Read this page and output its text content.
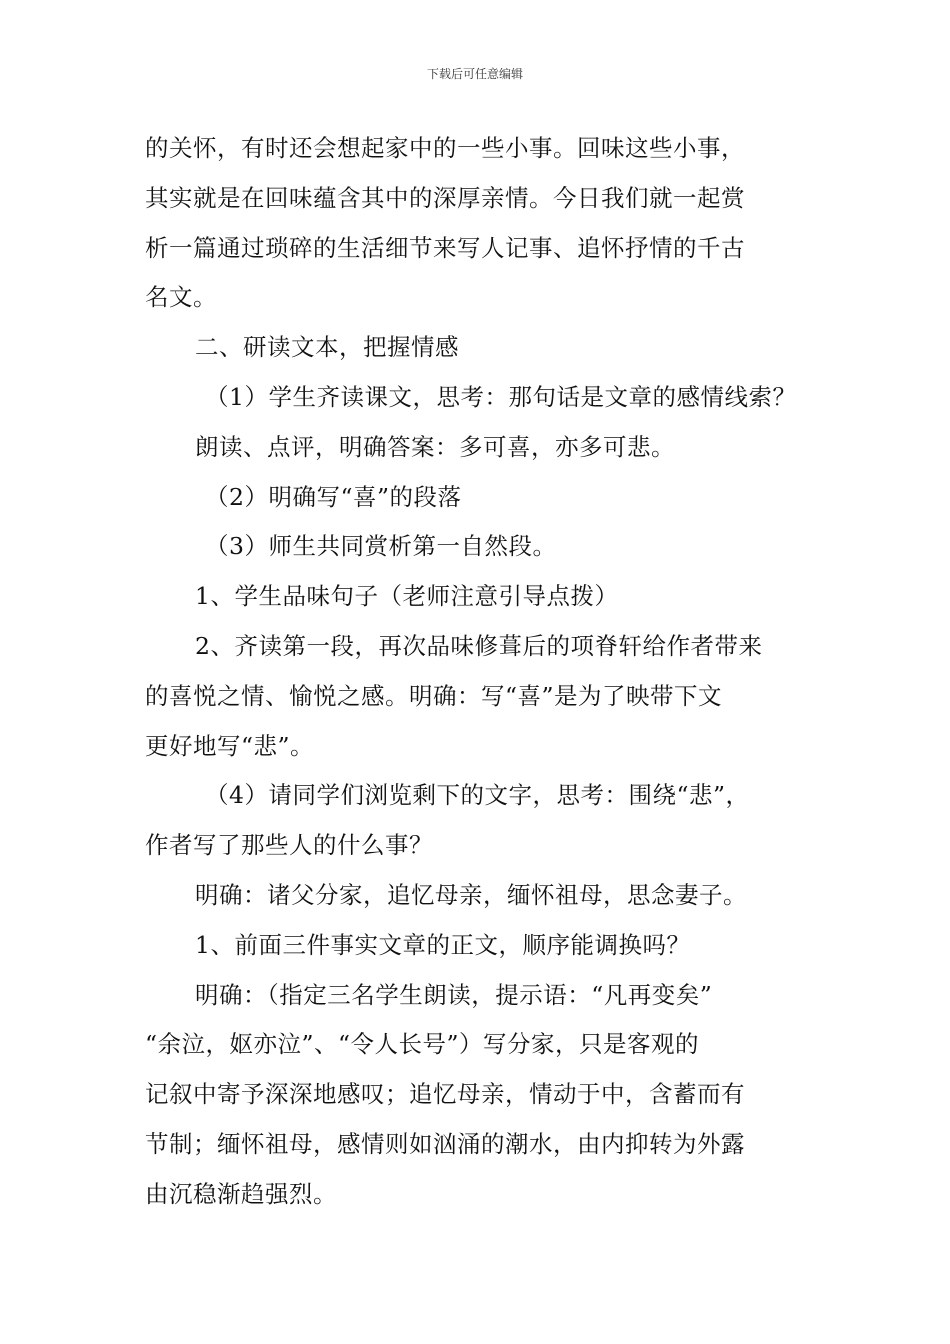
下载后可任意编辑
的关怀，有时还会想起家中的一些小事。回味这些小事，
其实就是在回味蕴含其中的深厚亲情。今日我们就一起赏
析一篇通过琐碎的生活细节来写人记事、追怀抒情的千古
名文。
二、研读文本，把握情感
（1）学生齐读课文，思考：那句话是文章的感情线索？
朗读、点评，明确答案：多可喜，亦多可悲。
（2）明确写“喜”的段落
（3）师生共同赏析第一自然段。
1、学生品味句子（老师注意引导点拨）
2、齐读第一段，再次品味修葺后的项脊轩给作者带来
的喜悦之情、愉悦之感。明确：写“喜”是为了映带下文
更好地写“悲”。
（4）请同学们浏览剩下的文字，思考：围绕“悲”，
作者写了那些人的什么事？
明确：诸父分家，追忆母亲，缅怀祖母，思念妻子。
1、前面三件事实文章的正文，顺序能调换吗？
明确：（指定三名学生朗读，提示语：“凡再变矣”
“余泣，妪亦泣”、“令人长号”）写分家，只是客观的
记叙中寄予深深地感叹；追忆母亲，情动于中，含蓄而有
节制；缅怀祖母，感情则如汹涌的潮水，由内抑转为外露
由沉稳渐趋强烈。
